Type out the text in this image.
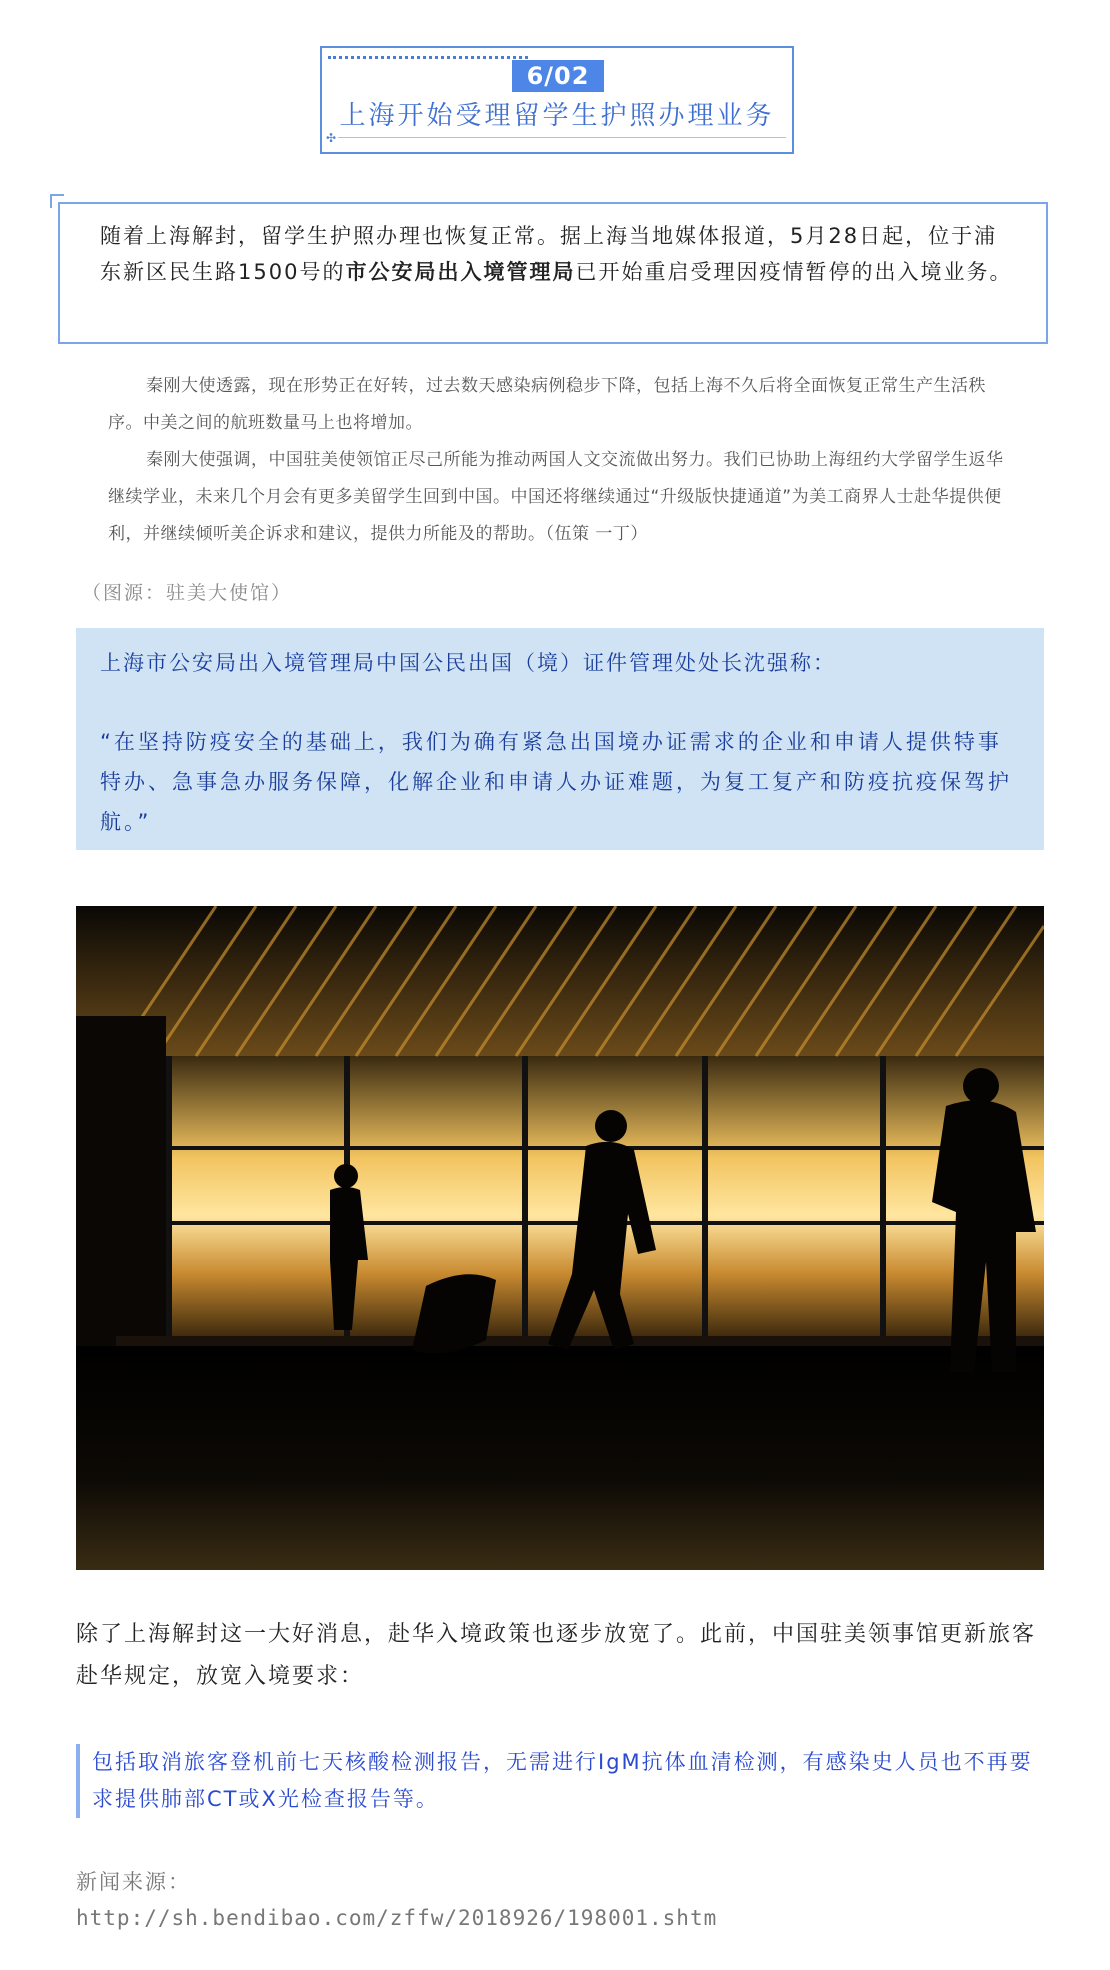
6/02
上海开始受理留学生护照办理业务
✣
随着上海解封，留学生护照办理也恢复正常。据上海当地媒体报道，5月28日起，位于浦东新区民生路1500号的市公安局出入境管理局已开始重启受理因疫情暂停的出入境业务。
秦刚大使透露，现在形势正在好转，过去数天感染病例稳步下降，包括上海不久后将全面恢复正常生产生活秩序。中美之间的航班数量马上也将增加。
秦刚大使强调，中国驻美使领馆正尽己所能为推动两国人文交流做出努力。我们已协助上海纽约大学留学生返华继续学业，未来几个月会有更多美留学生回到中国。中国还将继续通过“升级版快捷通道”为美工商界人士赴华提供便利，并继续倾听美企诉求和建议，提供力所能及的帮助。（伍策 一丁）
（图源：驻美大使馆）
上海市公安局出入境管理局中国公民出国（境）证件管理处处长沈强称：
“在坚持防疫安全的基础上，我们为确有紧急出国境办证需求的企业和申请人提供特事特办、急事急办服务保障，化解企业和申请人办证难题，为复工复产和防疫抗疫保驾护航。”
除了上海解封这一大好消息，赴华入境政策也逐步放宽了。此前，中国驻美领事馆更新旅客赴华规定，放宽入境要求：
包括取消旅客登机前七天核酸检测报告，无需进行IgM抗体血清检测，有感染史人员也不再要求提供肺部CT或X光检查报告等。
新闻来源：
http://sh.bendibao.com/zffw/2018926/198001.shtm
